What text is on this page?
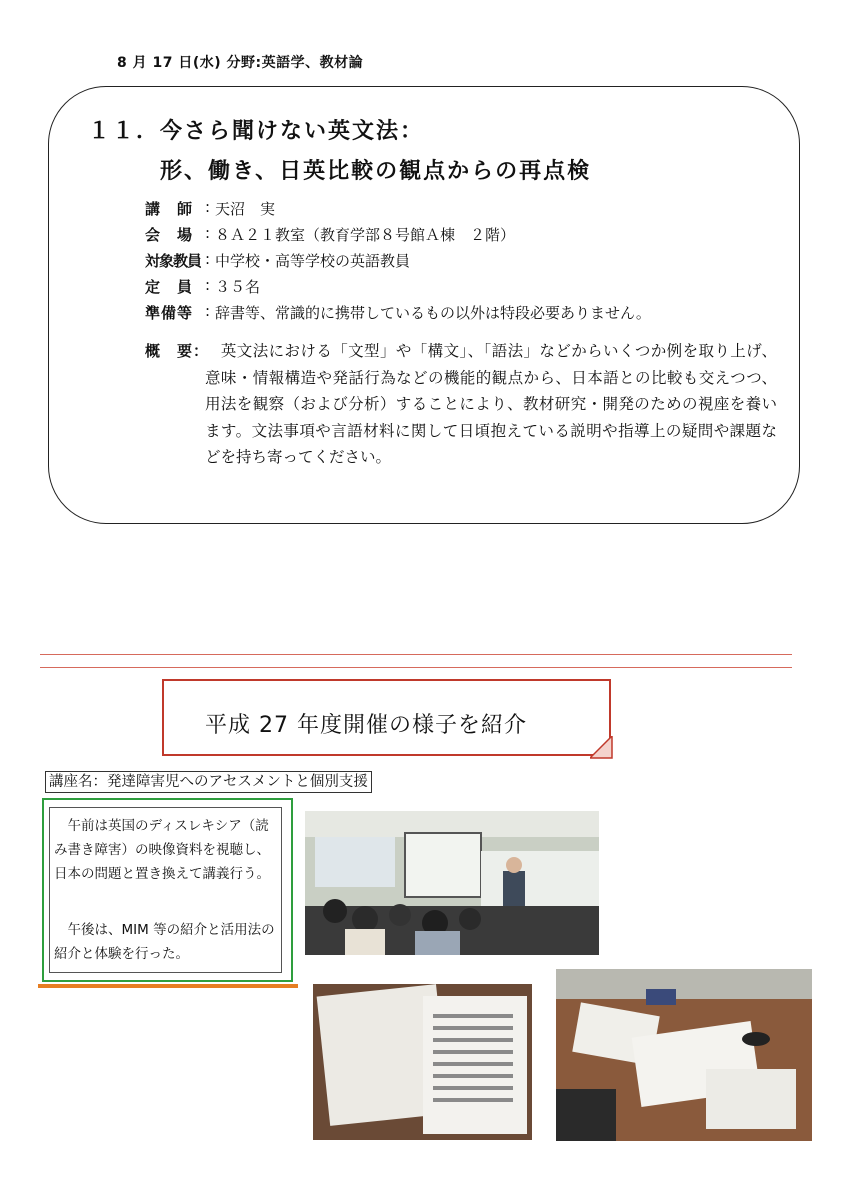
8 月 17 日(水) 分野:英語学、教材論
１１．今さら聞けない英文法：
形、働き、日英比較の観点からの再点検
講　師 : 天沼　実
会　場 : ８Ａ２１教室（教育学部８号館Ａ棟　２階）
対象教員 : 中学校・高等学校の英語教員
定　員 : ３５名
準備等 : 辞書等、常識的に携帯しているもの以外は特段必要ありません。
概　要：
　英文法における「文型」や「構文」、「語法」などからいくつか例を取り上げ、意味・情報構造や発話行為などの機能的観点から、日本語との比較も交えつつ、用法を観察（および分析）することにより、教材研究・開発のための視座を養います。文法事項や言語材料に関して日頃抱えている説明や指導上の疑問や課題などを持ち寄ってください。
平成 27 年度開催の様子を紹介
講座名：発達障害児へのアセスメントと個別支援
　午前は英国のディスレキシア（読み書き障害）の映像資料を視聴し、日本の問題と置き換えて講義行う。
　午後は、MIM 等の紹介と活用法の紹介と体験を行った。
